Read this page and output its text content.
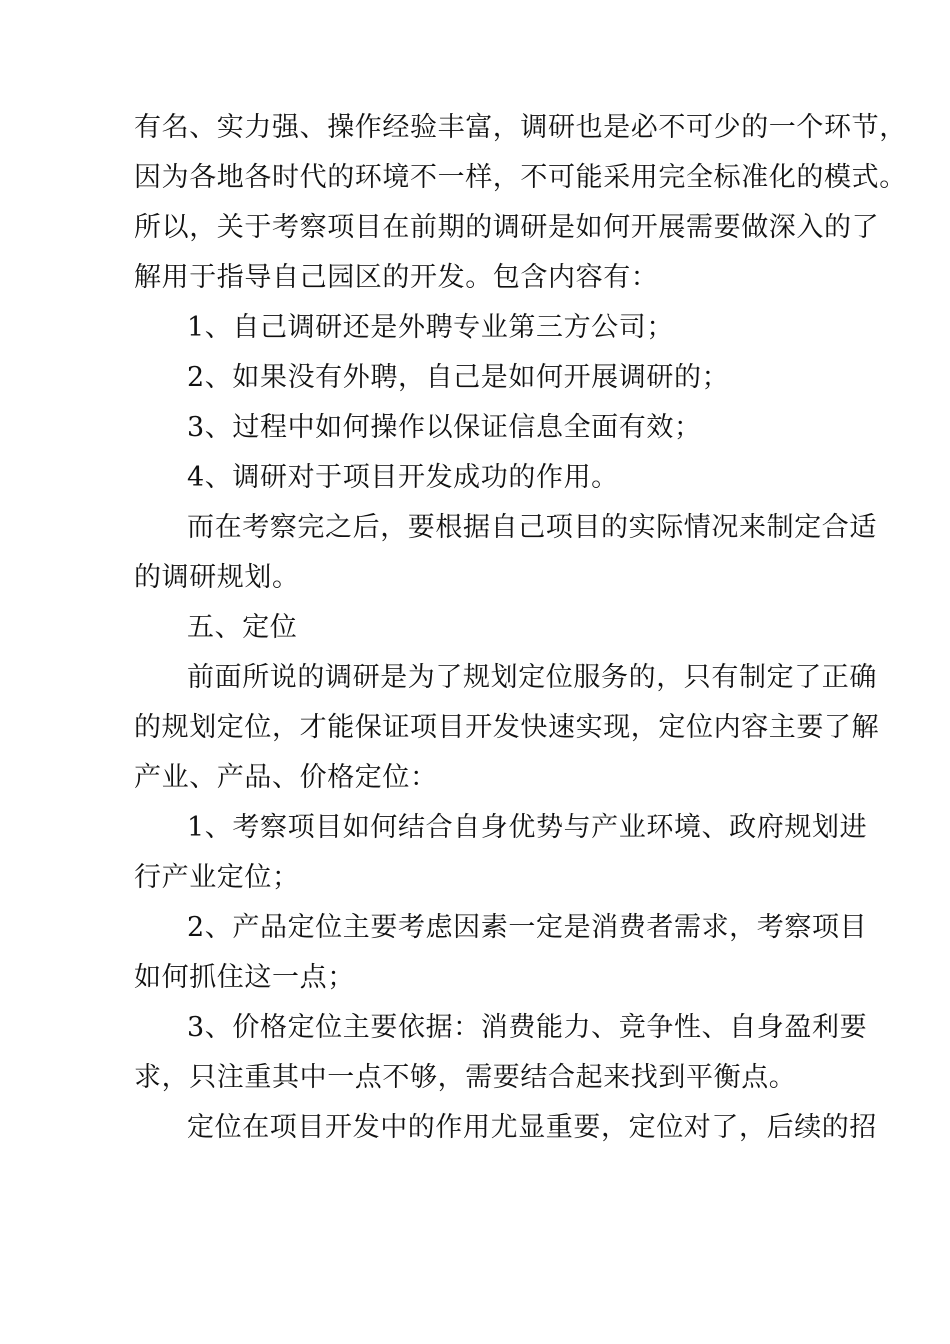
有名、实力强、操作经验丰富，调研也是必不可少的一个环节，
因为各地各时代的环境不一样，不可能采用完全标准化的模式。
所以，关于考察项目在前期的调研是如何开展需要做深入的了
解用于指导自己园区的开发。包含内容有：
1、自己调研还是外聘专业第三方公司；
2、如果没有外聘，自己是如何开展调研的；
3、过程中如何操作以保证信息全面有效；
4、调研对于项目开发成功的作用。
而在考察完之后，要根据自己项目的实际情况来制定合适
的调研规划。
五、定位
前面所说的调研是为了规划定位服务的，只有制定了正确
的规划定位，才能保证项目开发快速实现，定位内容主要了解
产业、产品、价格定位：
1、考察项目如何结合自身优势与产业环境、政府规划进
行产业定位；
2、产品定位主要考虑因素一定是消费者需求，考察项目
如何抓住这一点；
3、价格定位主要依据：消费能力、竞争性、自身盈利要
求，只注重其中一点不够，需要结合起来找到平衡点。
定位在项目开发中的作用尤显重要，定位对了，后续的招
